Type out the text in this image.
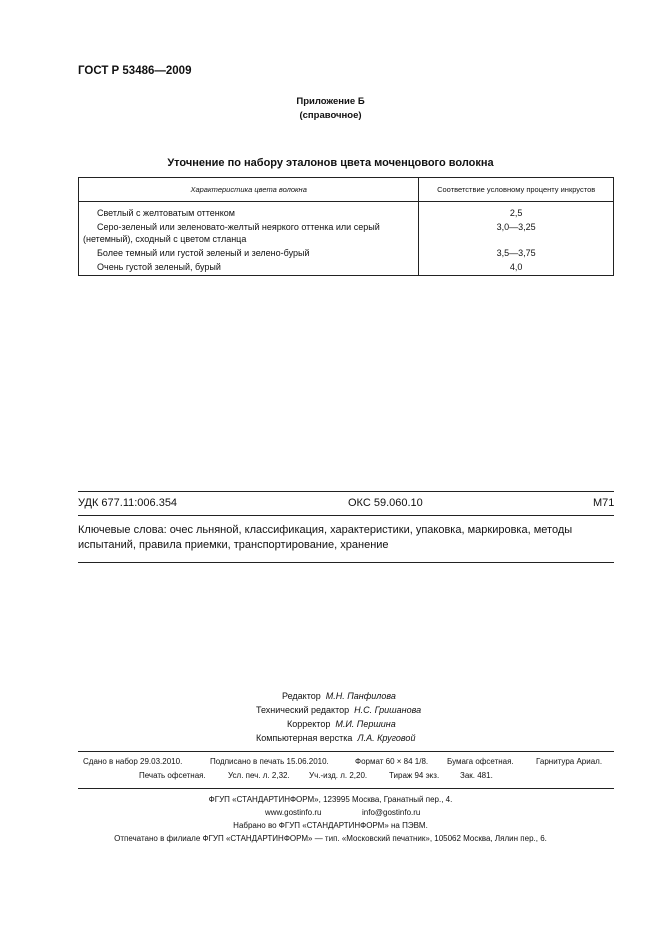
ГОСТ Р 53486—2009
Приложение Б
(справочное)
Уточнение по набору эталонов цвета моченцового волокна
Характеристика цвета волокна	Соответствие условному проценту инкрустов
Светлый с желтоватым оттенком	2,5
Серо-зеленый или зеленовато-желтый неяркого оттенка или серый (нетемный), сходный с цветом стланца	3,0—3,25
Более темный или густой зеленый и зелено-бурый	3,5—3,75
Очень густой зеленый, бурый	4,0
УДК 677.11:006.354	ОКС 59.060.10	М71
Ключевые слова: очес льняной, классификация, характеристики, упаковка, маркировка, методы испытаний, правила приемки, транспортирование, хранение
Редактор М.Н. Панфилова
Технический редактор Н.С. Гришанова
Корректор М.И. Першина
Компьютерная верстка Л.А. Круговой
Сдано в набор 29.03.2010.	Подписано в печать 15.06.2010.	Формат 60 × 84 1/8. Бумага офсетная.	Гарнитура Ариал.
Печать офсетная.	Усл. печ. л. 2,32. Уч.-изд. л. 2,20.	Тираж 94 экз.	Зак. 481.
ФГУП «СТАНДАРТИНФОРМ», 123995 Москва, Гранатный пер., 4.
www.gostinfo.ru	info@gostinfo.ru
Набрано во ФГУП «СТАНДАРТИНФОРМ» на ПЭВМ.
Отпечатано в филиале ФГУП «СТАНДАРТИНФОРМ» — тип. «Московский печатник», 105062 Москва, Лялин пер., 6.
